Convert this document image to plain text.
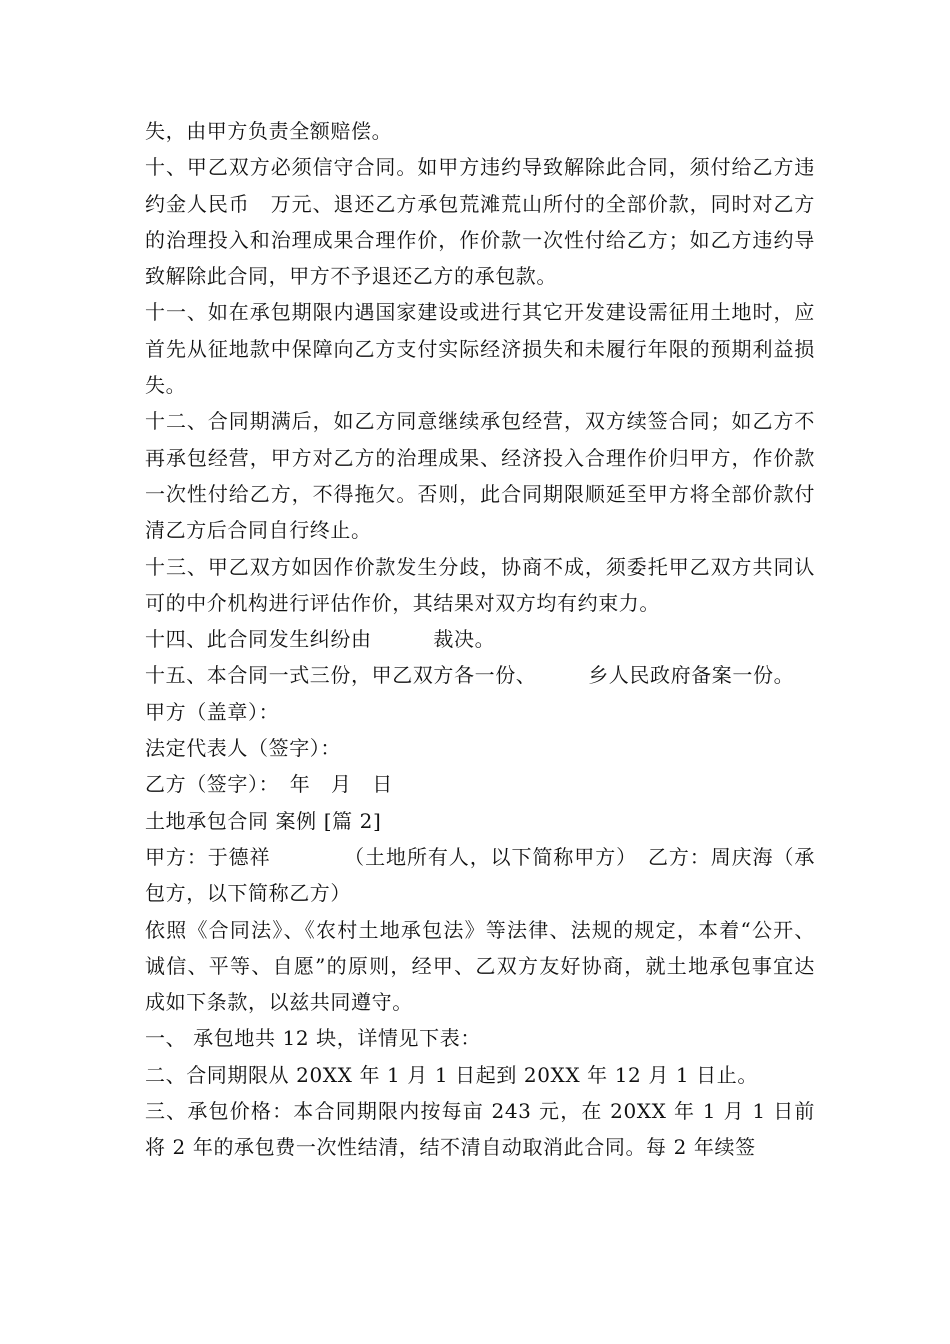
失，由甲方负责全额赔偿。

十、甲乙双方必须信守合同。如甲方违约导致解除此合同，须付给乙方违约金人民币　万元、退还乙方承包荒滩荒山所付的全部价款，同时对乙方的治理投入和治理成果合理作价，作价款一次性付给乙方；如乙方违约导致解除此合同，甲方不予退还乙方的承包款。

十一、如在承包期限内遇国家建设或进行其它开发建设需征用土地时，应首先从征地款中保障向乙方支付实际经济损失和未履行年限的预期利益损失。

十二、合同期满后，如乙方同意继续承包经营，双方续签合同；如乙方不再承包经营，甲方对乙方的治理成果、经济投入合理作价归甲方，作价款一次性付给乙方，不得拖欠。否则，此合同期限顺延至甲方将全部价款付清乙方后合同自行终止。

十三、甲乙双方如因作价款发生分歧，协商不成，须委托甲乙双方共同认可的中介机构进行评估作价，其结果对双方均有约束力。

十四、此合同发生纠纷由　　　裁决。

十五、本合同一式三份，甲乙双方各一份、　　　乡人民政府备案一份。

甲方（盖章）：

法定代表人（签字）：

乙方（签字）：　年　月　日

土地承包合同 案例 [篇 2]

甲方：于德祥　　　　（土地所有人，以下简称甲方）　乙方：周庆海（承包方，以下简称乙方）

依照《合同法》、《农村土地承包法》等法律、法规的规定，本着“公开、诚信、平等、自愿”的原则，经甲、乙双方友好协商，就土地承包事宜达成如下条款，以兹共同遵守。

一、 承包地共 12 块，详情见下表：

二、合同期限从 20XX 年 1 月 1 日起到 20XX 年 12 月 1 日止。

三、承包价格：本合同期限内按每亩 243 元，在 20XX 年 1 月 1 日前将 2 年的承包费一次性结清，结不清自动取消此合同。每 2 年续签
